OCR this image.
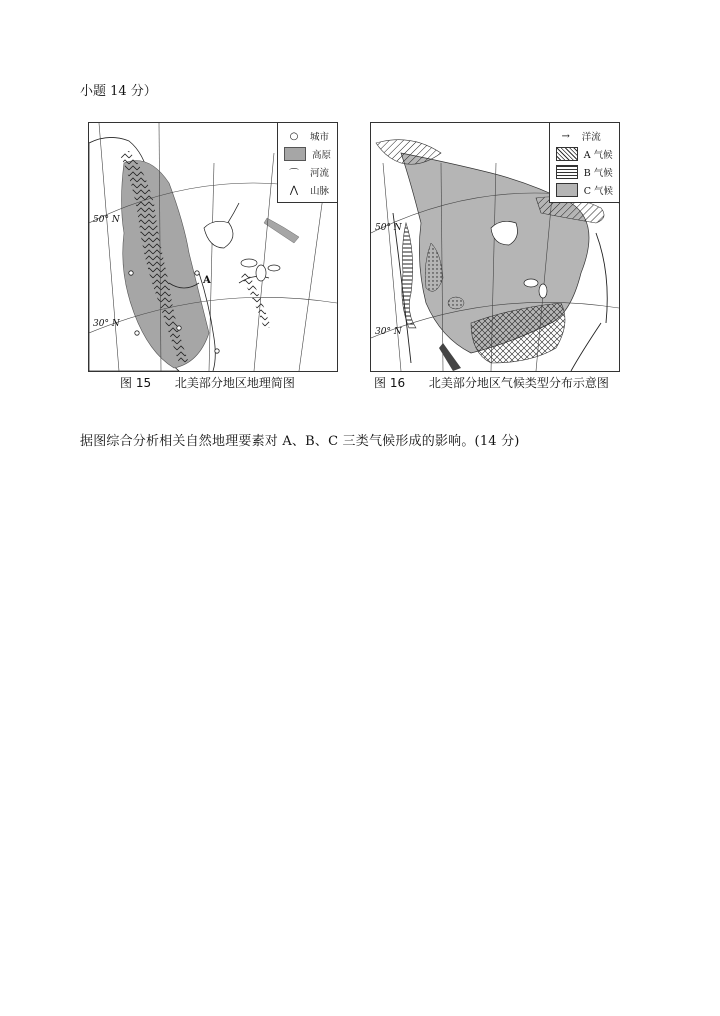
小题 14 分）
○	城市
高原
⌒	河流
⋀	山脉
50° N
30° N
A
图 15 北美部分地区地理简图
→	洋流
A 气候
B 气候
C 气候
50° N
30° N
图 16 北美部分地区气候类型分布示意图
据图综合分析相关自然地理要素对 A、B、C 三类气候形成的影响。(14 分)
